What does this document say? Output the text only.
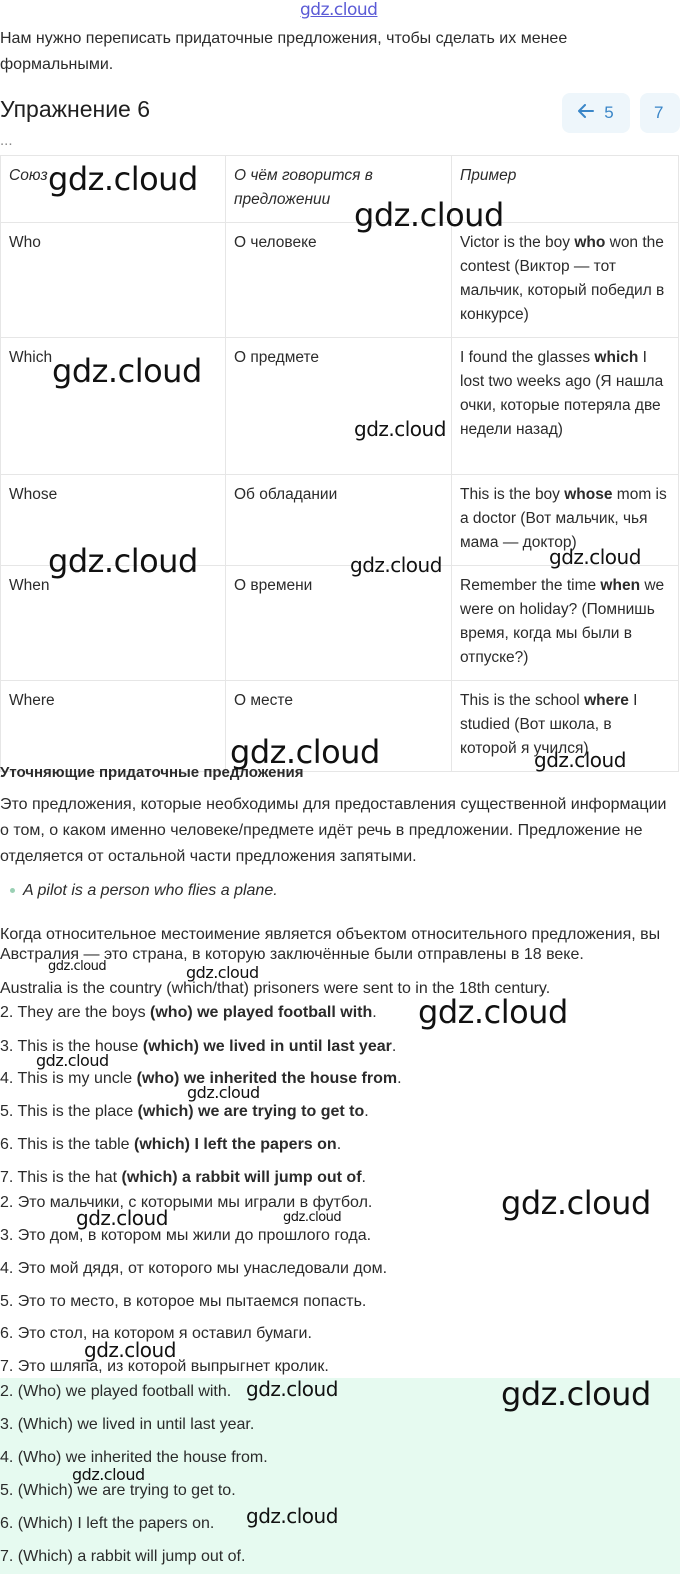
gdz.cloud
Нам нужно переписать придаточные предложения, чтобы сделать их менее формальными.
Упражнение 6	5 7
...
Союз	О чём говорится в предложении	Пример
Who	О человеке	Victor is the boy who won the contest (Виктор — тот мальчик, который победил в конкурсе)
Which	О предмете	I found the glasses which I lost two weeks ago (Я нашла очки, которые потеряла две недели назад)
Whose	Об обладании	This is the boy whose mom is a doctor (Вот мальчик, чья мама — доктор)
When	О времени	Remember the time when we were on holiday? (Помнишь время, когда мы были в отпуске?)
Where	О месте	This is the school where I studied (Вот школа, в которой я учился)
Уточняющие придаточные предложения
Это предложения, которые необходимы для предоставления существенной информации о том, о каком именно человеке/предмете идёт речь в предложении. Предложение не отделяется от остальной части предложения запятыми.
A pilot is a person who flies a plane.
Когда относительное местоимение является объектом относительного предложения, вы
Австралия — это страна, в которую заключённые были отправлены в 18 веке.
Australia is the country (which/that) prisoners were sent to in the 18th century.
2. They are the boys (who) we played football with.
3. This is the house (which) we lived in until last year.
4. This is my uncle (who) we inherited the house from.
5. This is the place (which) we are trying to get to.
6. This is the table (which) I left the papers on.
7. This is the hat (which) a rabbit will jump out of.
2. Это мальчики, с которыми мы играли в футбол.
3. Это дом, в котором мы жили до прошлого года.
4. Это мой дядя, от которого мы унаследовали дом.
5. Это то место, в которое мы пытаемся попасть.
6. Это стол, на котором я оставил бумаги.
7. Это шляпа, из которой выпрыгнет кролик.
2. (Who) we played football with.
3. (Which) we lived in until last year.
4. (Who) we inherited the house from.
5. (Which) we are trying to get to.
6. (Which) I left the papers on.
7. (Which) a rabbit will jump out of.
gdz.cloud
gdz.cloud
gdz.cloud
gdz.cloud
gdz.cloud	gdz.cloud	gdz.cloud
gdz.cloud	gdz.cloud
gdz.cloud	gdz.cloud
gdz.cloud
gdz.cloud
gdz.cloud
gdz.cloud
gdz.cloud	gdz.cloud
gdz.cloud
gdz.cloud	gdz.cloud
gdz.cloud
gdz.cloud
